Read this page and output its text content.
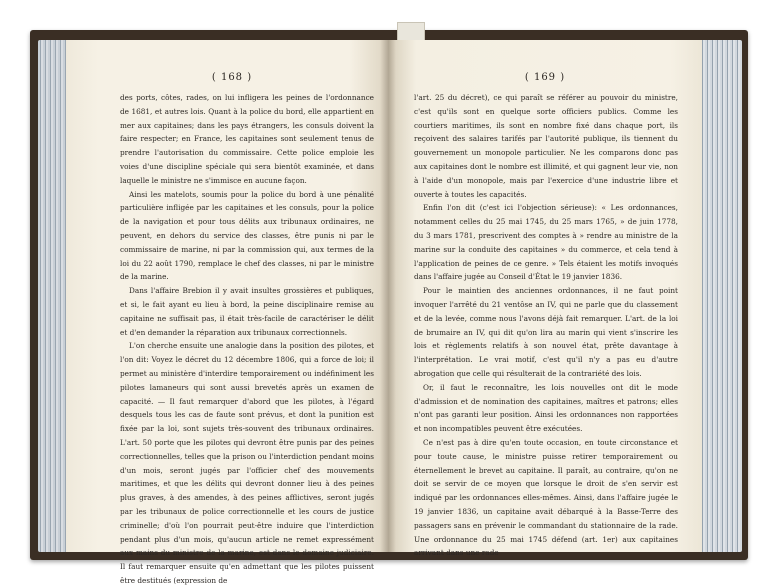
( 168 )

des ports, côtes, rades, on lui infligera les peines de l'ordonnance de 1681, et autres lois. Quant à la police du bord, elle appartient en mer aux capitaines; dans les pays étrangers, les consuls doivent la faire respecter; en France, les capitaines sont seulement tenus de prendre l'autorisation du commissaire. Cette police emploie les voies d'une discipline spéciale qui sera bientôt examinée, et dans laquelle le ministre ne s'immisce en aucune façon.

Ainsi les matelots, soumis pour la police du bord à une pénalité particulière infligée par les capitaines et les consuls, pour la police de la navigation et pour tous délits aux tribunaux ordinaires, ne peuvent, en dehors du service des classes, être punis ni par le commissaire de marine, ni par la commission qui, aux termes de la loi du 22 août 1790, remplace le chef des classes, ni par le ministre de la marine.

Dans l'affaire Brebion il y avait insultes grossières et publiques, et si, le fait ayant eu lieu à bord, la peine disciplinaire remise au capitaine ne suffisait pas, il était très-facile de caractériser le délit et d'en demander la réparation aux tribunaux correctionnels.

L'on cherche ensuite une analogie dans la position des pilotes, et l'on dit: Voyez le décret du 12 décembre 1806, qui a force de loi; il permet au ministère d'interdire temporairement ou indéfiniment les pilotes lamaneurs qui sont aussi brevetés après un examen de capacité. — Il faut remarquer d'abord que les pilotes, à l'égard desquels tous les cas de faute sont prévus, et dont la punition est fixée par la loi, sont sujets très-souvent des tribunaux ordinaires. L'art. 50 porte que les pilotes qui devront être punis par des peines correctionnelles, telles que la prison ou l'interdiction pendant moins d'un mois, seront jugés par l'officier chef des mouvements maritimes, et que les délits qui devront donner lieu à des peines plus graves, à des amendes, à des peines afflictives, seront jugés par les tribunaux de police correctionnelle et les cours de justice criminelle; d'où l'on pourrait peut-être induire que l'interdiction pendant plus d'un mois, qu'aucun article ne remet expressément aux mains du ministre de la marine, est dans le domaine judiciaire. Il faut remarquer ensuite qu'en admettant que les pilotes puissent être destitués (expression de

( 169 )

l'art. 25 du décret), ce qui paraît se référer au pouvoir du ministre, c'est qu'ils sont en quelque sorte officiers publics. Comme les courtiers maritimes, ils sont en nombre fixé dans chaque port, ils reçoivent des salaires tarifés par l'autorité publique, ils tiennent du gouvernement un monopole particulier. Ne les comparons donc pas aux capitaines dont le nombre est illimité, et qui gagnent leur vie, non à l'aide d'un monopole, mais par l'exercice d'une industrie libre et ouverte à toutes les capacités.

Enfin l'on dit (c'est ici l'objection sérieuse): « Les ordonnances, notamment celles du 25 mai 1745, du 25 mars 1765, » de juin 1778, du 3 mars 1781, prescrivent des comptes à » rendre au ministre de la marine sur la conduite des capitaines » du commerce, et cela tend à l'application de peines de ce genre. » Tels étaient les motifs invoqués dans l'affaire jugée au Conseil d'État le 19 janvier 1836.

Pour le maintien des anciennes ordonnances, il ne faut point invoquer l'arrêté du 21 ventôse an IV, qui ne parle que du classement et de la levée, comme nous l'avons déjà fait remarquer. L'art. de la loi de brumaire an IV, qui dit qu'on lira au marin qui vient s'inscrire les lois et règlements relatifs à son nouvel état, prête davantage à l'interprétation. Le vrai motif, c'est qu'il n'y a pas eu d'autre abrogation que celle qui résulterait de la contrariété des lois.

Or, il faut le reconnaître, les lois nouvelles ont dit le mode d'admission et de nomination des capitaines, maîtres et patrons; elles n'ont pas garanti leur position. Ainsi les ordonnances non rapportées et non incompatibles peuvent être exécutées.

Ce n'est pas à dire qu'en toute occasion, en toute circonstance et pour toute cause, le ministre puisse retirer temporairement ou éternellement le brevet au capitaine. Il paraît, au contraire, qu'on ne doit se servir de ce moyen que lorsque le droit de s'en servir est indiqué par les ordonnances elles-mêmes. Ainsi, dans l'affaire jugée le 19 janvier 1836, un capitaine avait débarqué à la Basse-Terre des passagers sans en prévenir le commandant du stationnaire de la rade. Une ordonnance du 25 mai 1745 défend (art. 1er) aux capitaines arrivant dans une rade
